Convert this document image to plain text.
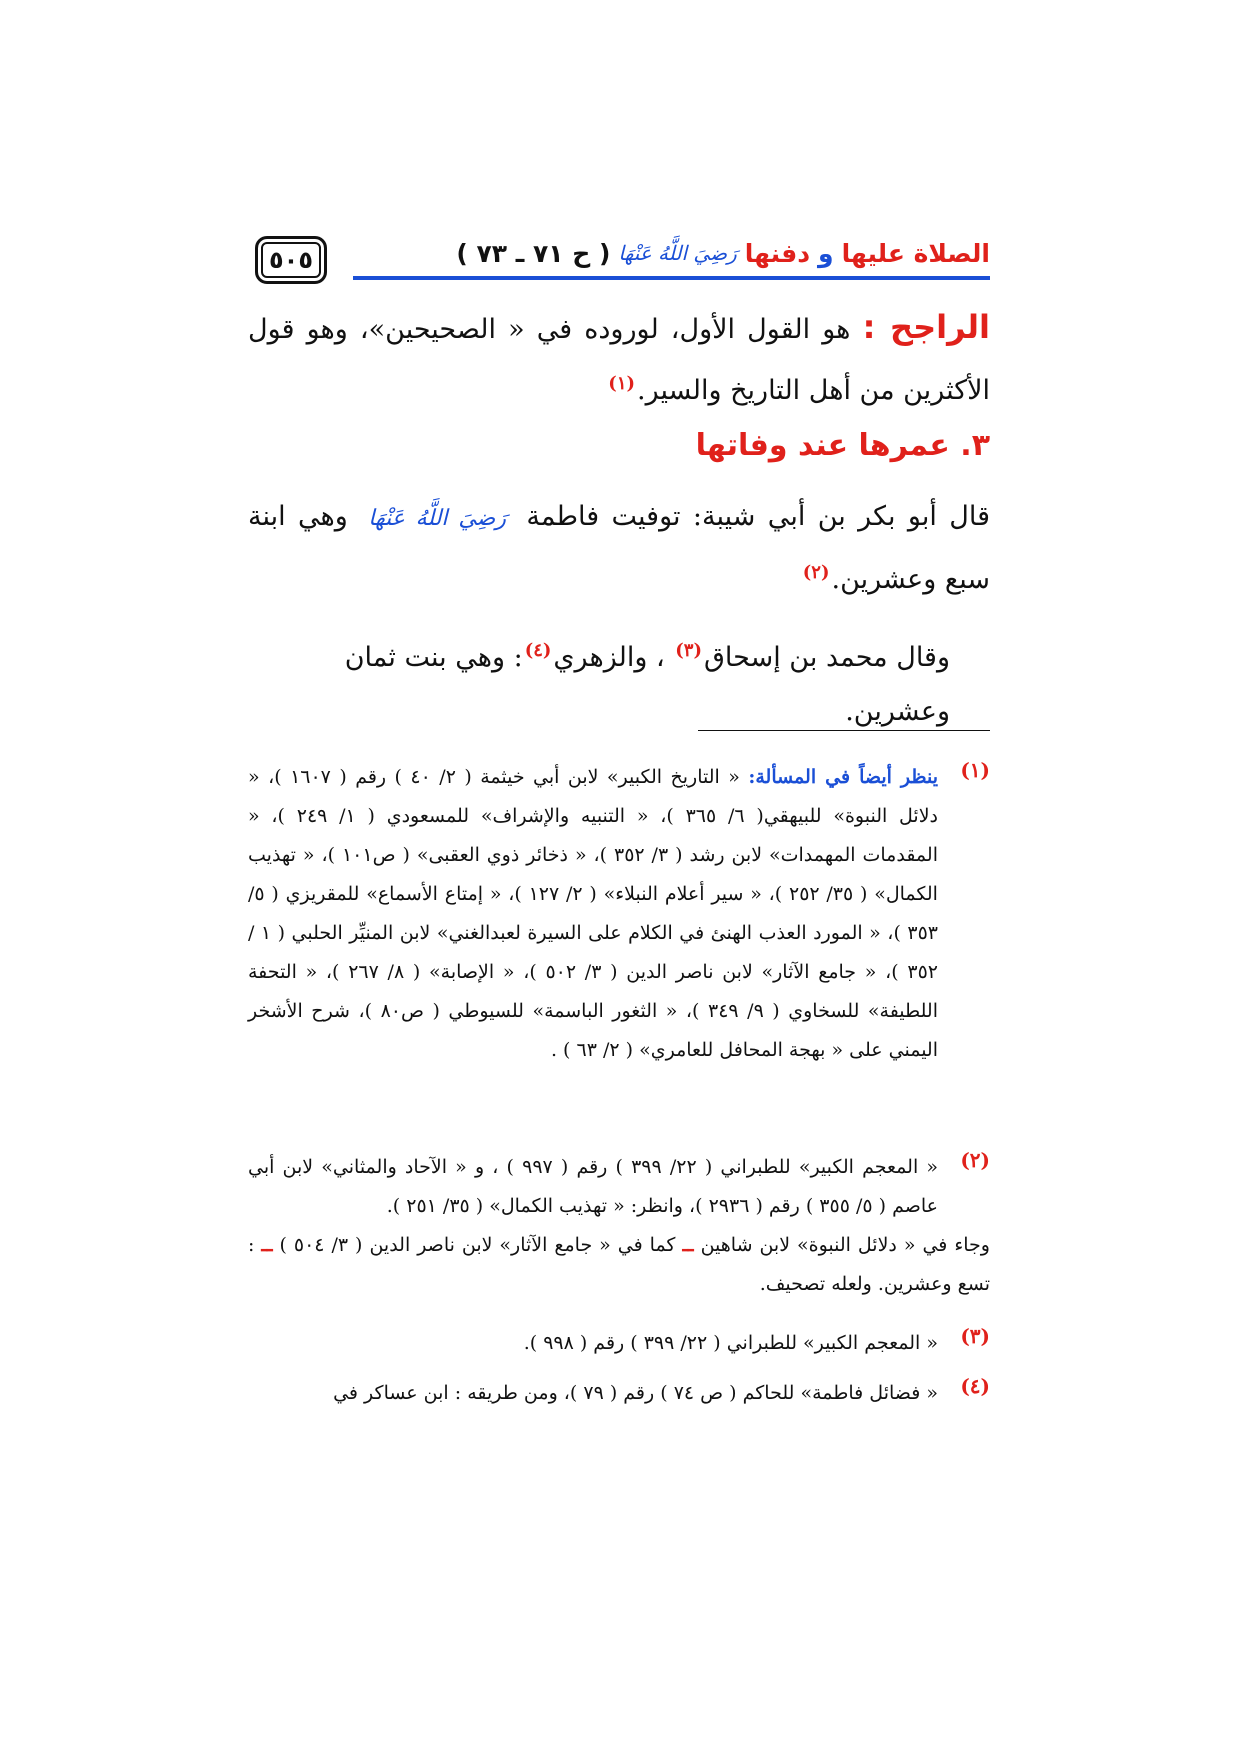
٥٠٥	الصلاة عليها
و
دفنها
رَضِيَ اللَّهُ عَنْهَا
( ح ٧١ ـ ٧٣ )
الراجح : هو القول الأول، لوروده في « الصحيحين»، وهو قول الأكثرين من أهل التاريخ والسير.$^{(١)}$
٣. عمرها عند وفاتها
قال أبو بكر بن أبي شيبة: توفيت فاطمة رَضِيَ اللَّهُ عَنْهَا وهي ابنة سبع وعشرين.$^{(٢)}$
وقال محمد بن إسحاق$^{(٣)}$ ، والزهري$^{(٤)}$: وهي بنت ثمان وعشرين.
(١)
ينظر أيضاً في المسألة: « التاريخ الكبير» لابن أبي خيثمة ( ٢/ ٤٠ ) رقم ( ١٦٠٧ )، « دلائل النبوة» للبيهقي( ٦/ ٣٦٥ )، « التنبيه والإشراف» للمسعودي ( ١/ ٢٤٩ )، « المقدمات المهمدات» لابن رشد ( ٣/ ٣٥٢ )، « ذخائر ذوي العقبى» ( ص١٠١ )، « تهذيب الكمال» ( ٣٥/ ٢٥٢ )، « سير أعلام النبلاء» ( ٢/ ١٢٧ )، « إمتاع الأسماع» للمقريزي ( ٥/ ٣٥٣ )، « المورد العذب الهنئ في الكلام على السيرة لعبدالغني» لابن المنيِّر الحلبي ( ١ / ٣٥٢ )، « جامع الآثار» لابن ناصر الدين ( ٣/ ٥٠٢ )، « الإصابة» ( ٨/ ٢٦٧ )، « التحفة اللطيفة» للسخاوي ( ٩/ ٣٤٩ )، « الثغور الباسمة» للسيوطي ( ص٨٠ )، شرح الأشخر اليمني على « بهجة المحافل للعامري» ( ٢/ ٦٣ ) .
(٢)
« المعجم الكبير» للطبراني ( ٢٢/ ٣٩٩ ) رقم ( ٩٩٧ ) ، و « الآحاد والمثاني» لابن أبي عاصم ( ٥/ ٣٥٥ ) رقم ( ٢٩٣٦ )، وانظر: « تهذيب الكمال» ( ٣٥/ ٢٥١ ).
وجاء في « دلائل النبوة» لابن شاهين ــ كما في « جامع الآثار» لابن ناصر الدين ( ٣/ ٥٠٤ ) ــ : تسع وعشرين. ولعله تصحيف.
(٣)
« المعجم الكبير» للطبراني ( ٢٢/ ٣٩٩ ) رقم ( ٩٩٨ ).
(٤)
« فضائل فاطمة» للحاكم ( ص ٧٤ ) رقم ( ٧٩ )، ومن طريقه : ابن عساكر في
